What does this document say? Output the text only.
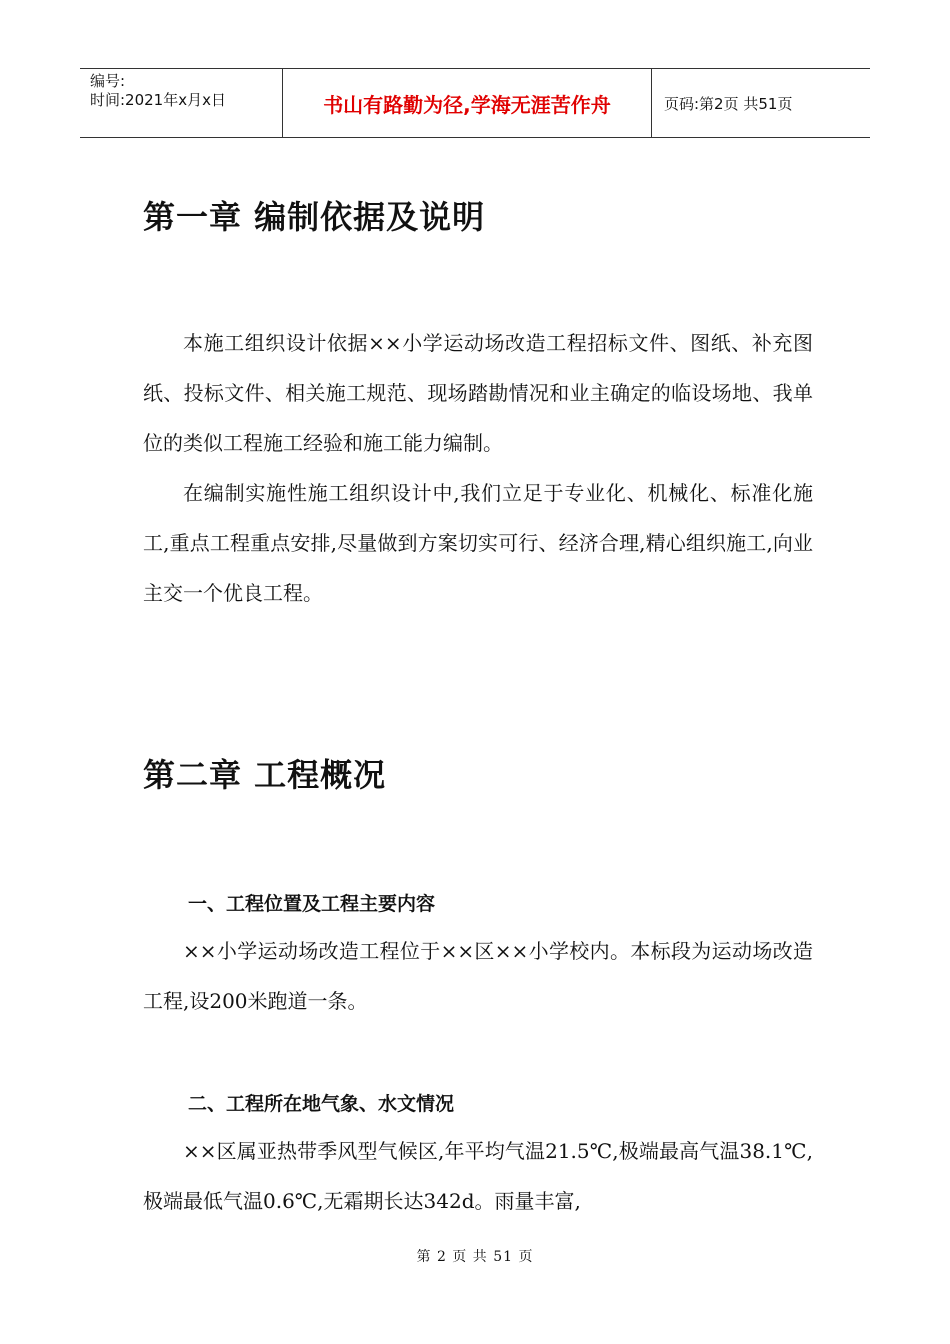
编号:
时间:2021年x月x日	书山有路勤为径,学海无涯苦作舟	页码:第2页 共51页
第一章 编制依据及说明

本施工组织设计依据××小学运动场改造工程招标文件、图纸、补充图纸、投标文件、相关施工规范、现场踏勘情况和业主确定的临设场地、我单位的类似工程施工经验和施工能力编制。

在编制实施性施工组织设计中,我们立足于专业化、机械化、标准化施工,重点工程重点安排,尽量做到方案切实可行、经济合理,精心组织施工,向业主交一个优良工程。

第二章 工程概况
一、工程位置及工程主要内容

××小学运动场改造工程位于××区××小学校内。本标段为运动场改造工程,设200米跑道一条。

二、工程所在地气象、水文情况

××区属亚热带季风型气候区,年平均气温21.5℃,极端最高气温38.1℃,极端最低气温0.6℃,无霜期长达342d。雨量丰富,

第 2 页 共 51 页
